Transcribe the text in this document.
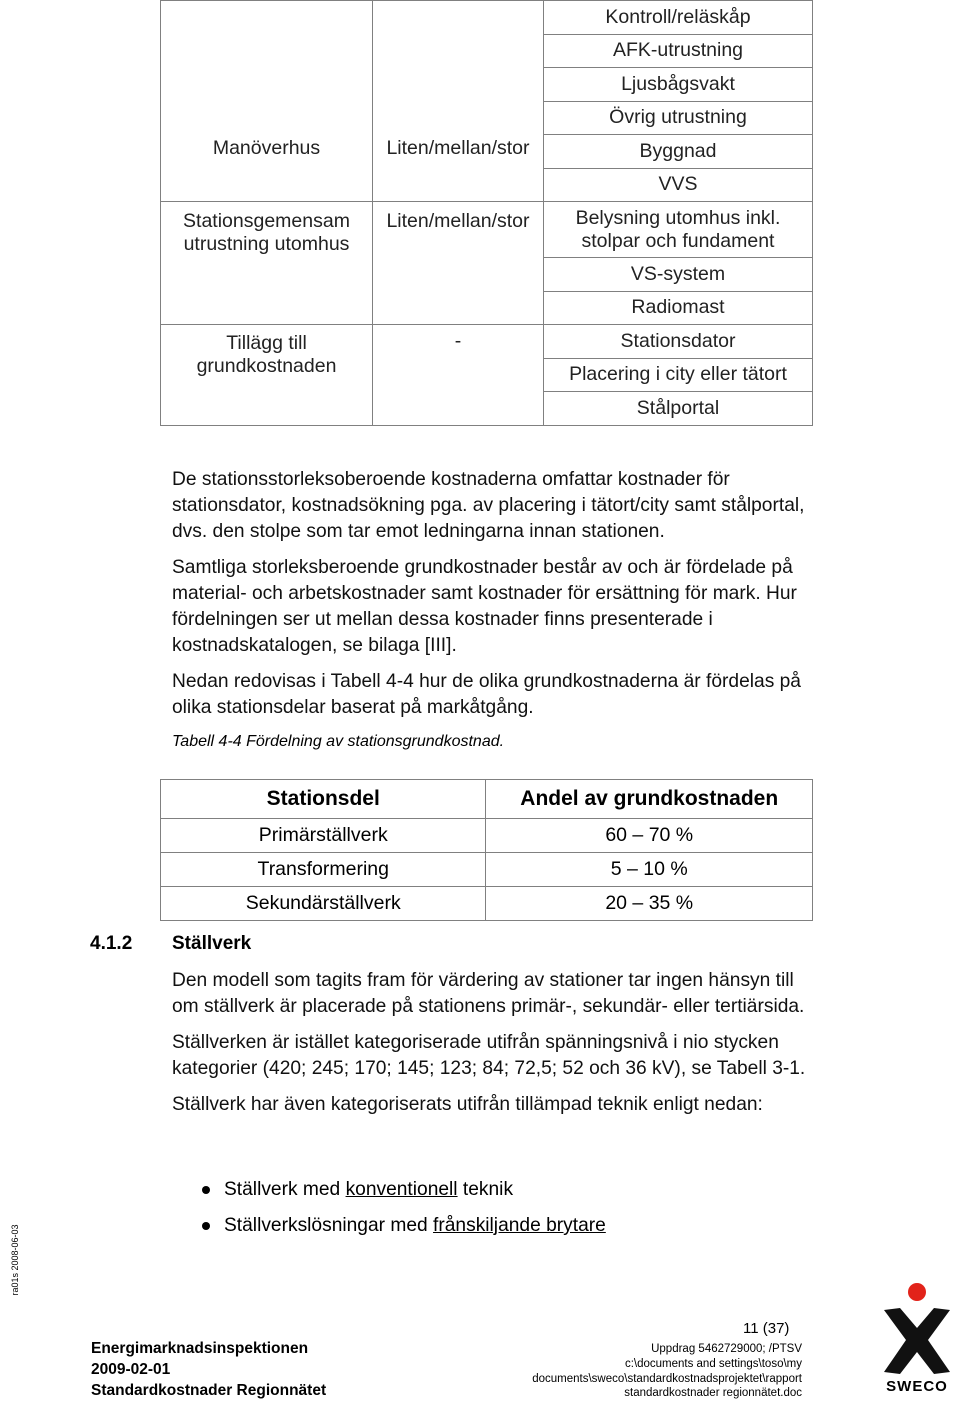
Manöverhus	Liten/mellan/stor	Kontroll/reläskåp
		AFK-utrustning
		Ljusbågsvakt
		Övrig utrustning
		Byggnad
		VVS

Stationsgemensam utrustning utomhus	Liten/mellan/stor	Belysning utomhus inkl. stolpar och fundament

		VS-system
		Radiomast

Tillägg till grundkostnaden	-	Stationsdator
		Placering i city eller tätort
		Stålportal

De stationsstorleksoberoende kostnaderna omfattar kostnader för stationsdator, kostnadsökning pga. av placering i tätort/city samt stålportal, dvs. den stolpe som tar emot ledningarna innan stationen.

Samtliga storleksberoende grundkostnader består av och är fördelade på material- och arbetskostnader samt kostnader för ersättning för mark. Hur fördelningen ser ut mellan dessa kostnader finns presenterade i kostnadskatalogen, se bilaga [III].

Nedan redovisas i Tabell 4-4 hur de olika grundkostnaderna är fördelas på olika stationsdelar baserat på markåtgång.

Tabell 4-4 Fördelning av stationsgrundkostnad.
Stationsdel	Andel av grundkostnaden
Primärställverk	60 – 70 %
Transformering	5 – 10 %
Sekundärställverk	20 – 35 %
4.1.2 Ställverk

Den modell som tagits fram för värdering av stationer tar ingen hänsyn till om ställverk är placerade på stationens primär-, sekundär- eller tertiärsida.

Ställverken är istället kategoriserade utifrån spänningsnivå i nio stycken kategorier (420; 245; 170; 145; 123; 84; 72,5; 52 och 36 kV), se Tabell 3-1.

Ställverk har även kategoriserats utifrån tillämpad teknik enligt nedan:

Ställverk med konventionell teknik
Ställverkslösningar med frånskiljande brytare
ra01s 2008-06-03
Energimarknadsinspektionen
2009-02-01
Standardkostnader Regionnätet
11 (37)
Uppdrag 5462729000; /PTSV
c:\documents and settings\toso\my
documents\sweco\standardkostnadsprojektet\rapport
standardkostnader regionnätet.doc	SWECO
